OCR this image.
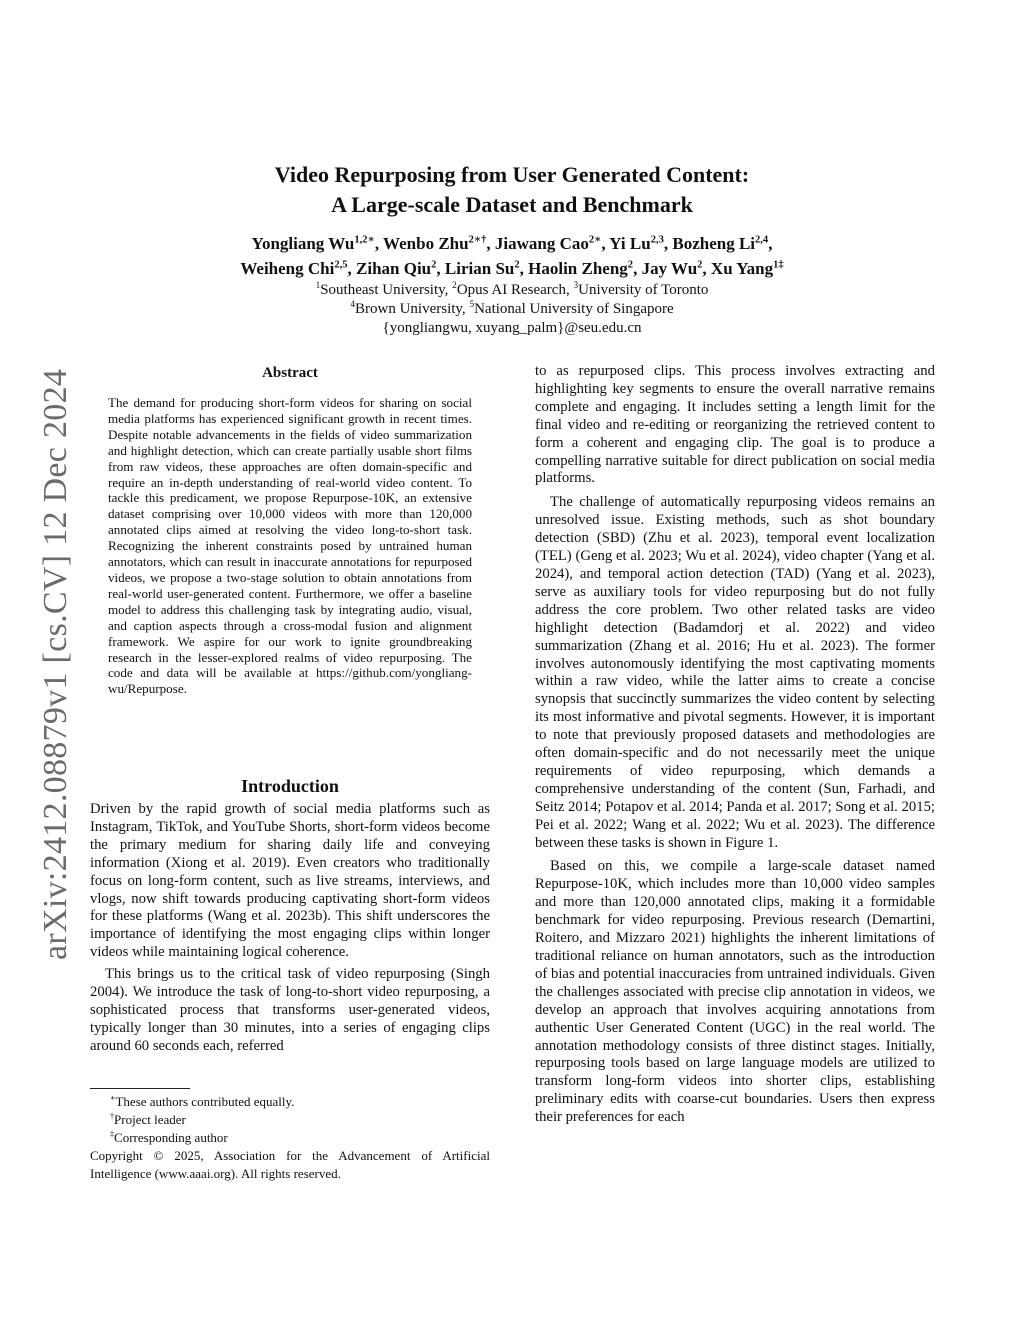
Video Repurposing from User Generated Content:
A Large-scale Dataset and Benchmark
Yongliang $Wu^{1,2∗}$, Wenbo Zhu$^{2∗\dagger}$, Jiawang Cao$^{2∗}$, Yi Lu$^{2,3}$, Bozheng Li$^{2,4}$,
Weiheng Chi$^{2,5}$, Zihan Qiu$^2$, Lirian Su$^2$, Haolin Zheng$^2$, Jay Wu$^2$, Xu Yang$^{1\ddagger}$
$^1$Southeast University, $^2$Opus AI Research, $^3$University of Toronto
$^4$Brown University, $^5$National University of Singapore
{yongliangwu, xuyang_palm}@seu.edu.cn
arXiv:2412.08879v1 [cs.CV] 12 Dec 2024	Abstract
The demand for producing short-form videos for sharing on social media platforms has experienced significant growth in recent times. Despite notable advancements in the fields of video summarization and highlight detection, which can create partially usable short films from raw videos, these approaches are often domain-specific and require an in-depth understanding of real-world video content. To tackle this predicament, we propose Repurpose-10K, an extensive dataset comprising over 10,000 videos with more than 120,000 annotated clips aimed at resolving the video long-to-short task. Recognizing the inherent constraints posed by untrained human annotators, which can result in inaccurate annotations for repurposed videos, we propose a two-stage solution to obtain annotations from real-world user-generated content. Furthermore, we offer a baseline model to address this challenging task by integrating audio, visual, and caption aspects through a cross-modal fusion and alignment framework. We aspire for our work to ignite groundbreaking research in the lesser-explored realms of video repurposing. The code and data will be available at https://github.com/yongliang-wu/Repurpose.
Introduction

Driven by the rapid growth of social media platforms such as Instagram, TikTok, and YouTube Shorts, short-form videos become the primary medium for sharing daily life and conveying information (Xiong et al. 2019). Even creators who traditionally focus on long-form content, such as live streams, interviews, and vlogs, now shift towards producing captivating short-form videos for these platforms (Wang et al. 2023b). This shift underscores the importance of identifying the most engaging clips within longer videos while maintaining logical coherence.

This brings us to the critical task of video repurposing (Singh 2004). We introduce the task of long-to-short video repurposing, a sophisticated process that transforms user-generated videos, typically longer than 30 minutes, into a series of engaging clips around 60 seconds each, referred

to as repurposed clips. This process involves extracting and highlighting key segments to ensure the overall narrative remains complete and engaging. It includes setting a length limit for the final video and re-editing or reorganizing the retrieved content to form a coherent and engaging clip. The goal is to produce a compelling narrative suitable for direct publication on social media platforms.

The challenge of automatically repurposing videos remains an unresolved issue. Existing methods, such as shot boundary detection (SBD) (Zhu et al. 2023), temporal event localization (TEL) (Geng et al. 2023; Wu et al. 2024), video chapter (Yang et al. 2024), and temporal action detection (TAD) (Yang et al. 2023), serve as auxiliary tools for video repurposing but do not fully address the core problem. Two other related tasks are video highlight detection (Badamdorj et al. 2022) and video summarization (Zhang et al. 2016; Hu et al. 2023). The former involves autonomously identifying the most captivating moments within a raw video, while the latter aims to create a concise synopsis that succinctly summarizes the video content by selecting its most informative and pivotal segments. However, it is important to note that previously proposed datasets and methodologies are often domain-specific and do not necessarily meet the unique requirements of video repurposing, which demands a comprehensive understanding of the content (Sun, Farhadi, and Seitz 2014; Potapov et al. 2014; Panda et al. 2017; Song et al. 2015; Pei et al. 2022; Wang et al. 2022; Wu et al. 2023). The difference between these tasks is shown in Figure 1.

Based on this, we compile a large-scale dataset named Repurpose-10K, which includes more than 10,000 video samples and more than 120,000 annotated clips, making it a formidable benchmark for video repurposing. Previous research (Demartini, Roitero, and Mizzaro 2021) highlights the inherent limitations of traditional reliance on human annotators, such as the introduction of bias and potential inaccuracies from untrained individuals. Given the challenges associated with precise clip annotation in videos, we develop an approach that involves acquiring annotations from authentic User Generated Content (UGC) in the real world. The annotation methodology consists of three distinct stages. Initially, repurposing tools based on large language models are utilized to transform long-form videos into shorter clips, establishing preliminary edits with coarse-cut boundaries. Users then express their preferences for each

∗These authors contributed equally.
†Project leader
‡Corresponding author
Copyright © 2025, Association for the Advancement of Artificial Intelligence (www.aaai.org). All rights reserved.
